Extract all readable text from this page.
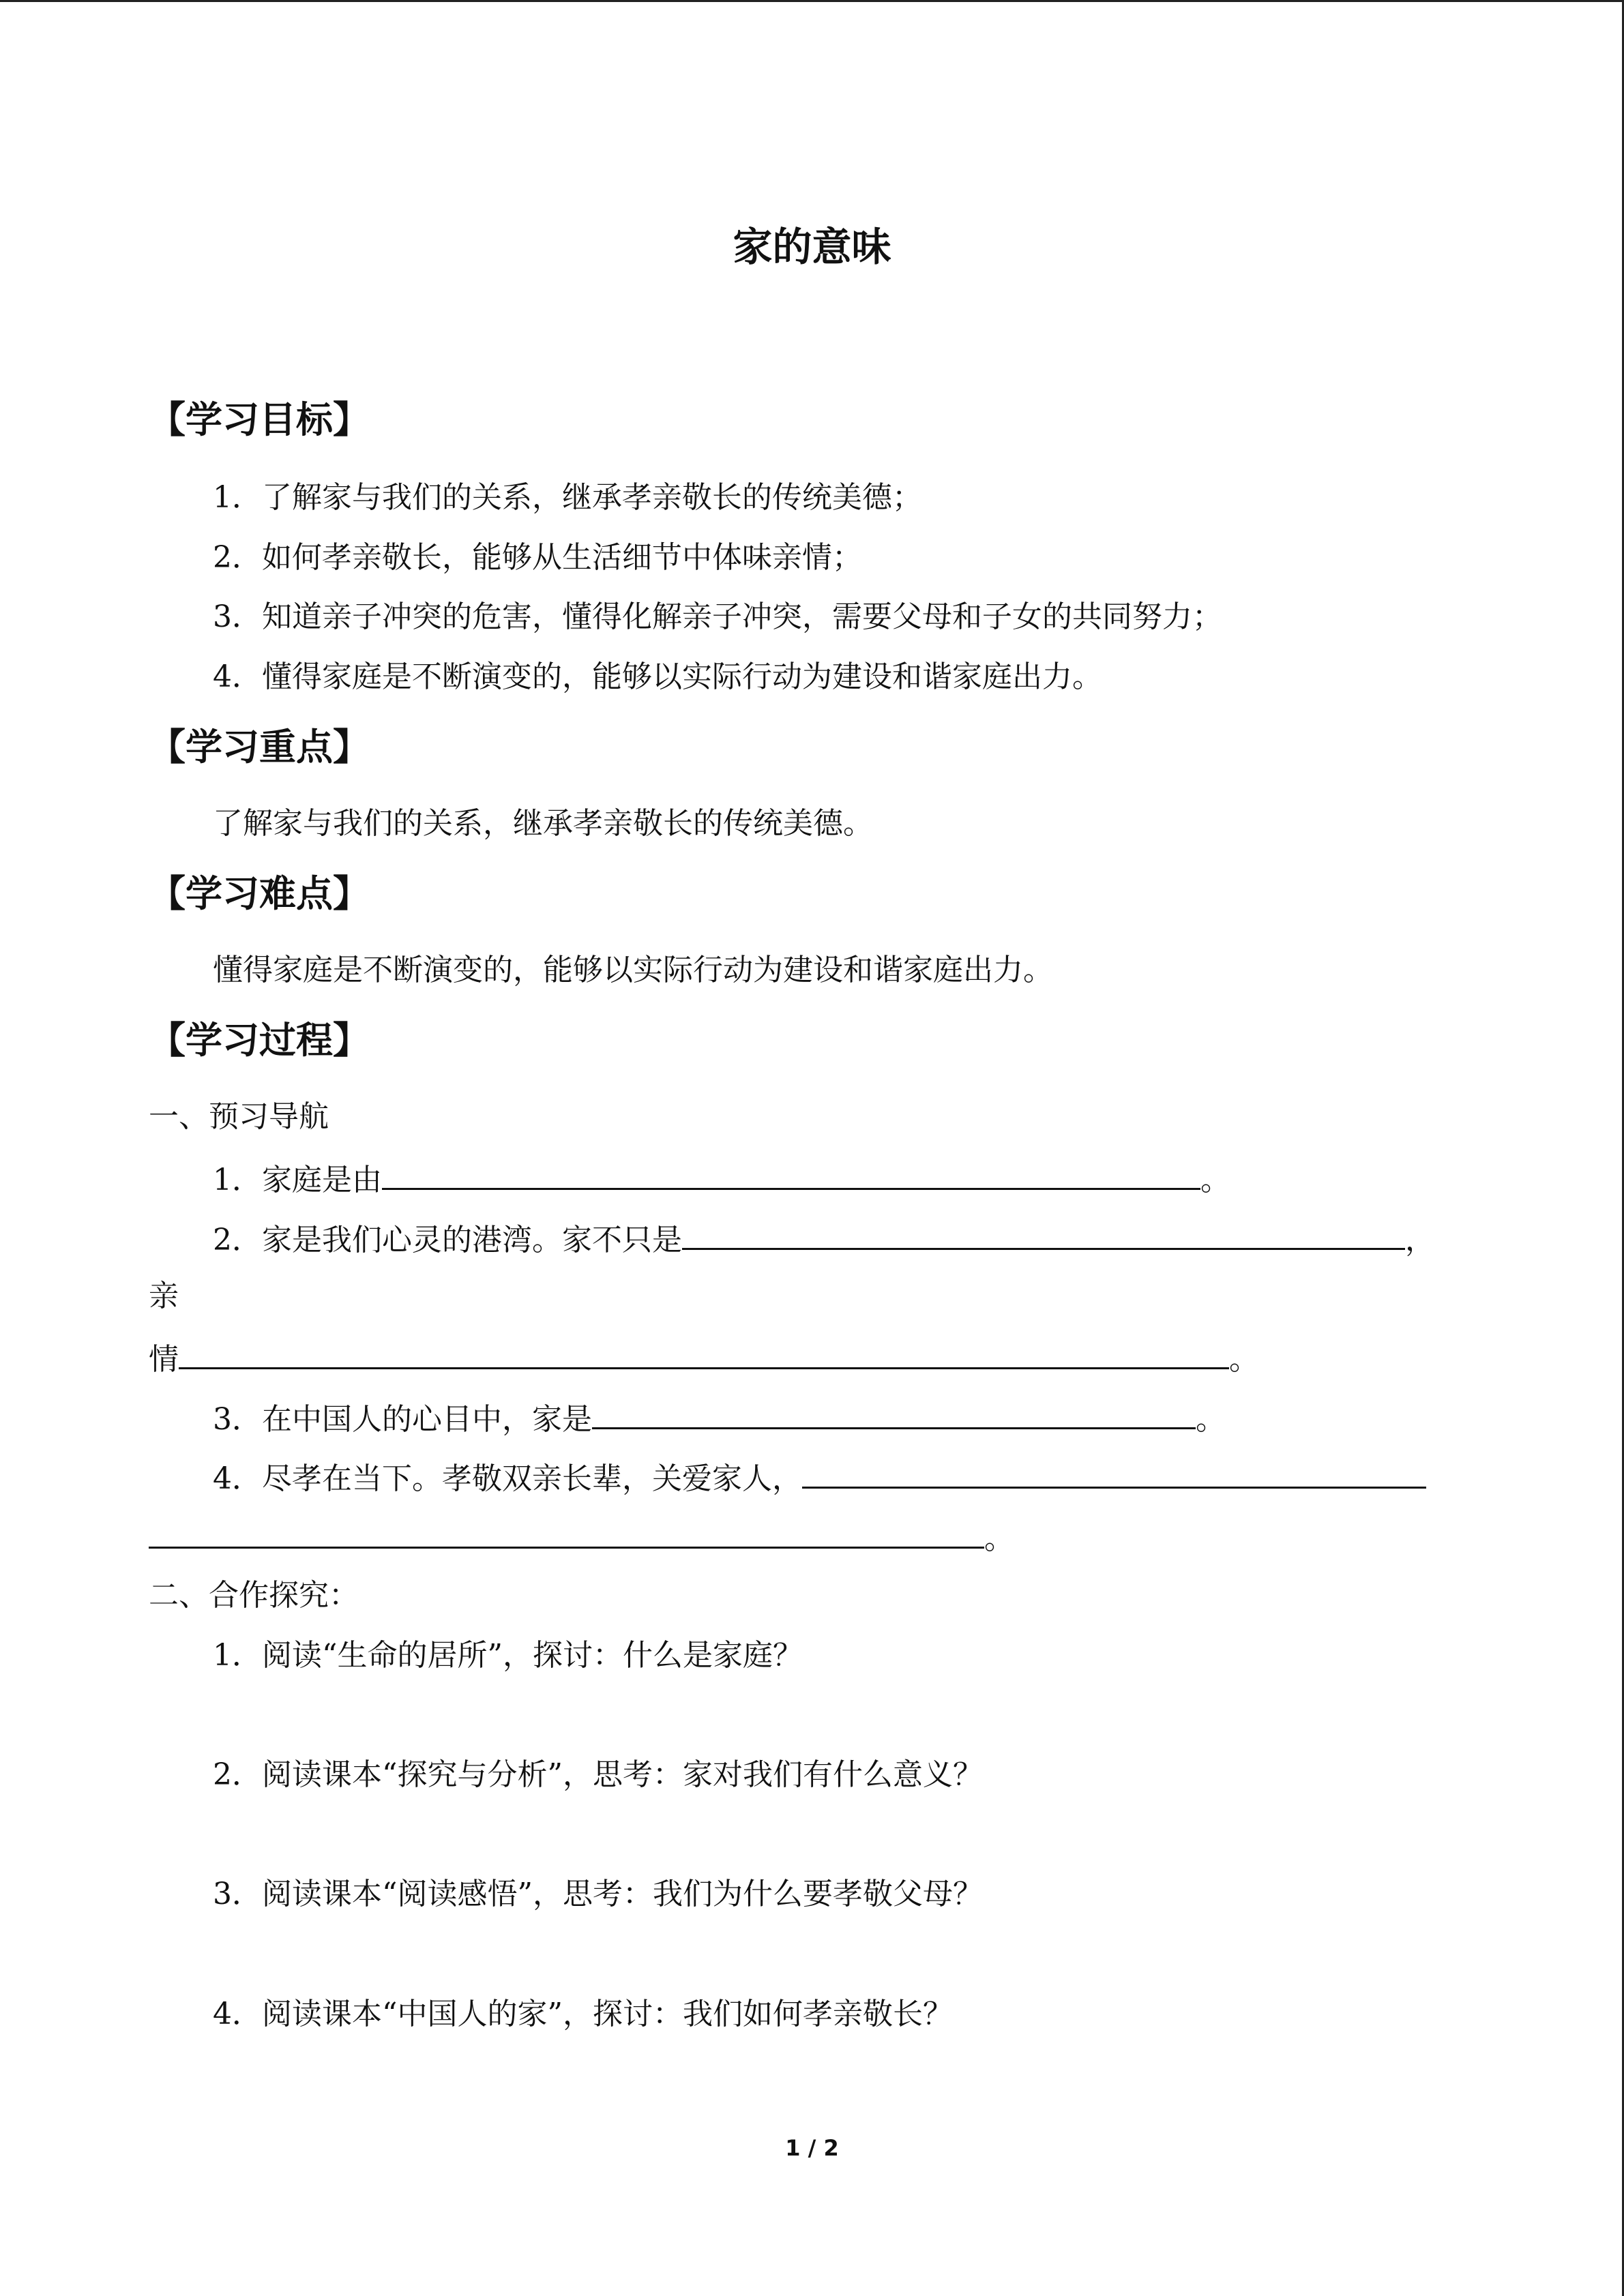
家的意味
【学习目标】
1．了解家与我们的关系，继承孝亲敬长的传统美德；
2．如何孝亲敬长，能够从生活细节中体味亲情；
3．知道亲子冲突的危害，懂得化解亲子冲突，需要父母和子女的共同努力；
4．懂得家庭是不断演变的，能够以实际行动为建设和谐家庭出力。
【学习重点】
了解家与我们的关系，继承孝亲敬长的传统美德。
【学习难点】
懂得家庭是不断演变的，能够以实际行动为建设和谐家庭出力。
【学习过程】
一、预习导航
1．家庭是由	。
2．家是我们心灵的港湾。家不只是	，
亲
情	。
3．在中国人的心目中，家是	。
4．尽孝在当下。孝敬双亲长辈，关爱家人，
。
二、合作探究：
1．阅读“生命的居所”，探讨：什么是家庭？
2．阅读课本“探究与分析”，思考：家对我们有什么意义？
3．阅读课本“阅读感悟”，思考：我们为什么要孝敬父母？
4．阅读课本“中国人的家”，探讨：我们如何孝亲敬长？
1 / 2
